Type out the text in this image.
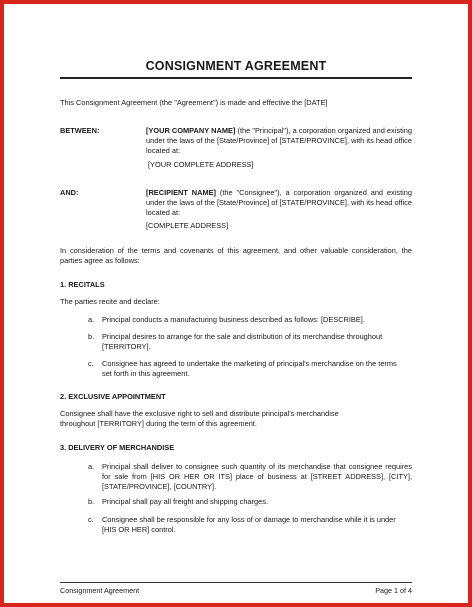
CONSIGNMENT AGREEMENT
This Consignment Agreement (the "Agreement") is made and effective the [DATE]
BETWEEN:	[YOUR COMPANY NAME] (the "Principal"), a corporation organized and existing under the laws of the [State/Province] of [STATE/PROVINCE], with its head office located at:
[YOUR COMPLETE ADDRESS]
AND:	[RECIPIENT NAME] (the "Consignee"), a corporation organized and existing under the laws of the [State/Province] of [STATE/PROVINCE], with its head office located at:
[COMPLETE ADDRESS]
In consideration of the terms and covenants of this agreement, and other valuable consideration, the parties agree as follows:
1. RECITALS
The parties recite and declare:
a. Principal conducts a manufacturing business described as follows: [DESCRIBE].
b. Principal desires to arrange for the sale and distribution of its merchandise throughout [TERRITORY].
c. Consignee has agreed to undertake the marketing of principal's merchandise on the terms set forth in this agreement.
2. EXCLUSIVE APPOINTMENT
Consignee shall have the exclusive right to sell and distribute principal's merchandise throughout [TERRITORY] during the term of this agreement.
3. DELIVERY OF MERCHANDISE
a. Principal shall deliver to consignee such quantity of its merchandise that consignee requires for sale from [HIS OR HER OR ITS] place of business at [STREET ADDRESS], [CITY], [STATE/PROVINCE], [COUNTRY].
b. Principal shall pay all freight and shipping charges.
c. Consignee shall be responsible for any loss of or damage to merchandise while it is under [HIS OR HER] control.
Consignment Agreement	Page 1 of 4
